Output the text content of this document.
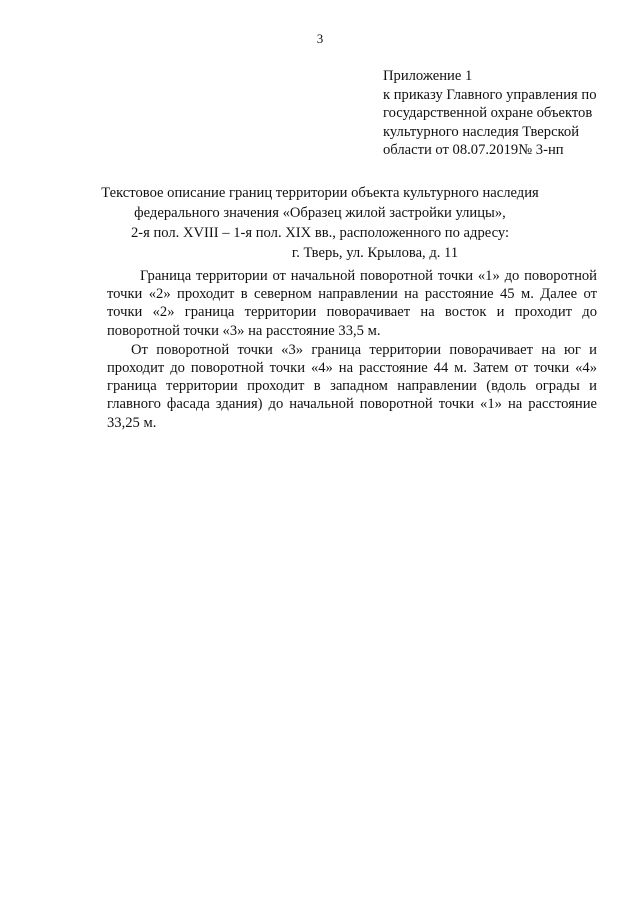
3
Приложение 1
к приказу Главного управления по
государственной охране объектов
культурного наследия Тверской
области от 08.07.2019№ 3-нп
Текстовое описание границ территории объекта культурного наследия
федерального значения «Образец жилой застройки улицы»,
2-я пол. XVIII – 1-я пол. XIX вв., расположенного по адресу:
г. Тверь, ул. Крылова, д. 11

Граница территории от начальной поворотной точки «1» до поворотной точки «2» проходит в северном направлении на расстояние 45 м. Далее от точки «2» граница территории поворачивает на восток и проходит до поворотной точки «3» на расстояние 33,5 м.

От поворотной точки «3» граница территории поворачивает на юг и проходит до поворотной точки «4» на расстояние 44 м. Затем от точки «4» граница территории проходит в западном направлении (вдоль ограды и главного фасада здания) до начальной поворотной точки «1» на расстояние 33,25 м.
